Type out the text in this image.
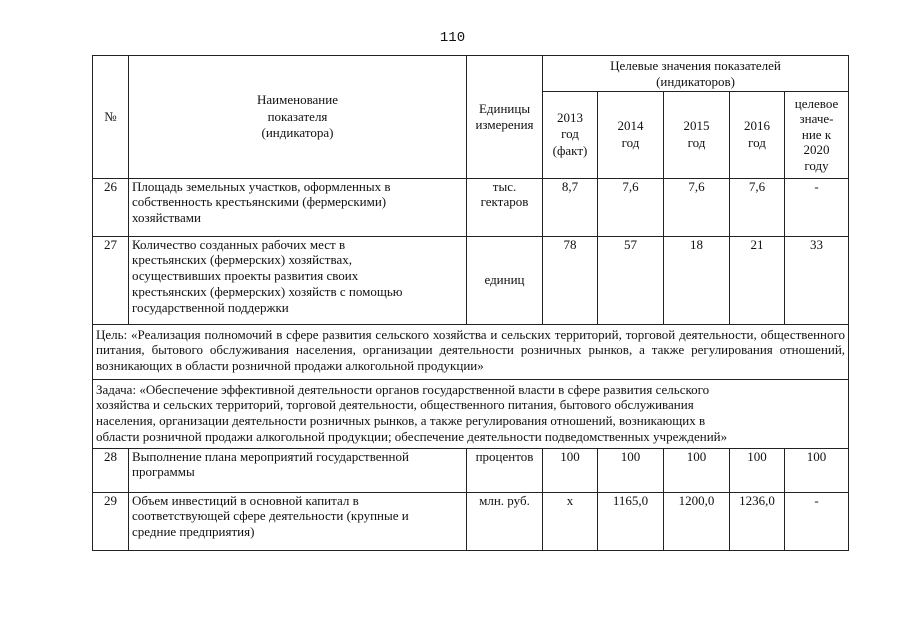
110
№	Наименование
показателя
(индикатора)	Единицы
измерения	Целевые значения показателей
(индикаторов)				
			2013
год
(факт)	2014
год	2015
год	2016
год	целевое
значе-
ние к
2020
году
26	Площадь земельных участков, оформленных в
собственность крестьянскими (фермерскими)
хозяйствами	тыс.
гектаров	8,7	7,6	7,6	7,6	-
27	Количество созданных рабочих мест в
крестьянских (фермерских) хозяйствах,
осуществивших проекты развития своих
крестьянских (фермерских) хозяйств с помощью
государственной поддержки	единиц	78	57	18	21	33
Цель: «Реализация полномочий в сфере развития сельского хозяйства и сельских территорий, торговой деятельности, общественного питания, бытового обслуживания населения, организации деятельности розничных рынков, а также регулирования отношений, возникающих в области розничной продажи алкогольной продукции»							
Задача: «Обеспечение эффективной деятельности органов государственной власти в сфере развития сельского
хозяйства и сельских территорий, торговой деятельности, общественного питания, бытового обслуживания
населения, организации деятельности розничных рынков, а также регулирования отношений, возникающих в
области розничной продажи алкогольной продукции; обеспечение деятельности подведомственных учреждений»							
28	Выполнение плана мероприятий государственной
программы	процентов	100	100	100	100	100
29	Объем инвестиций в основной капитал в
соответствующей сфере деятельности (крупные и
средние предприятия)	млн. руб.	x	1165,0	1200,0	1236,0	-
